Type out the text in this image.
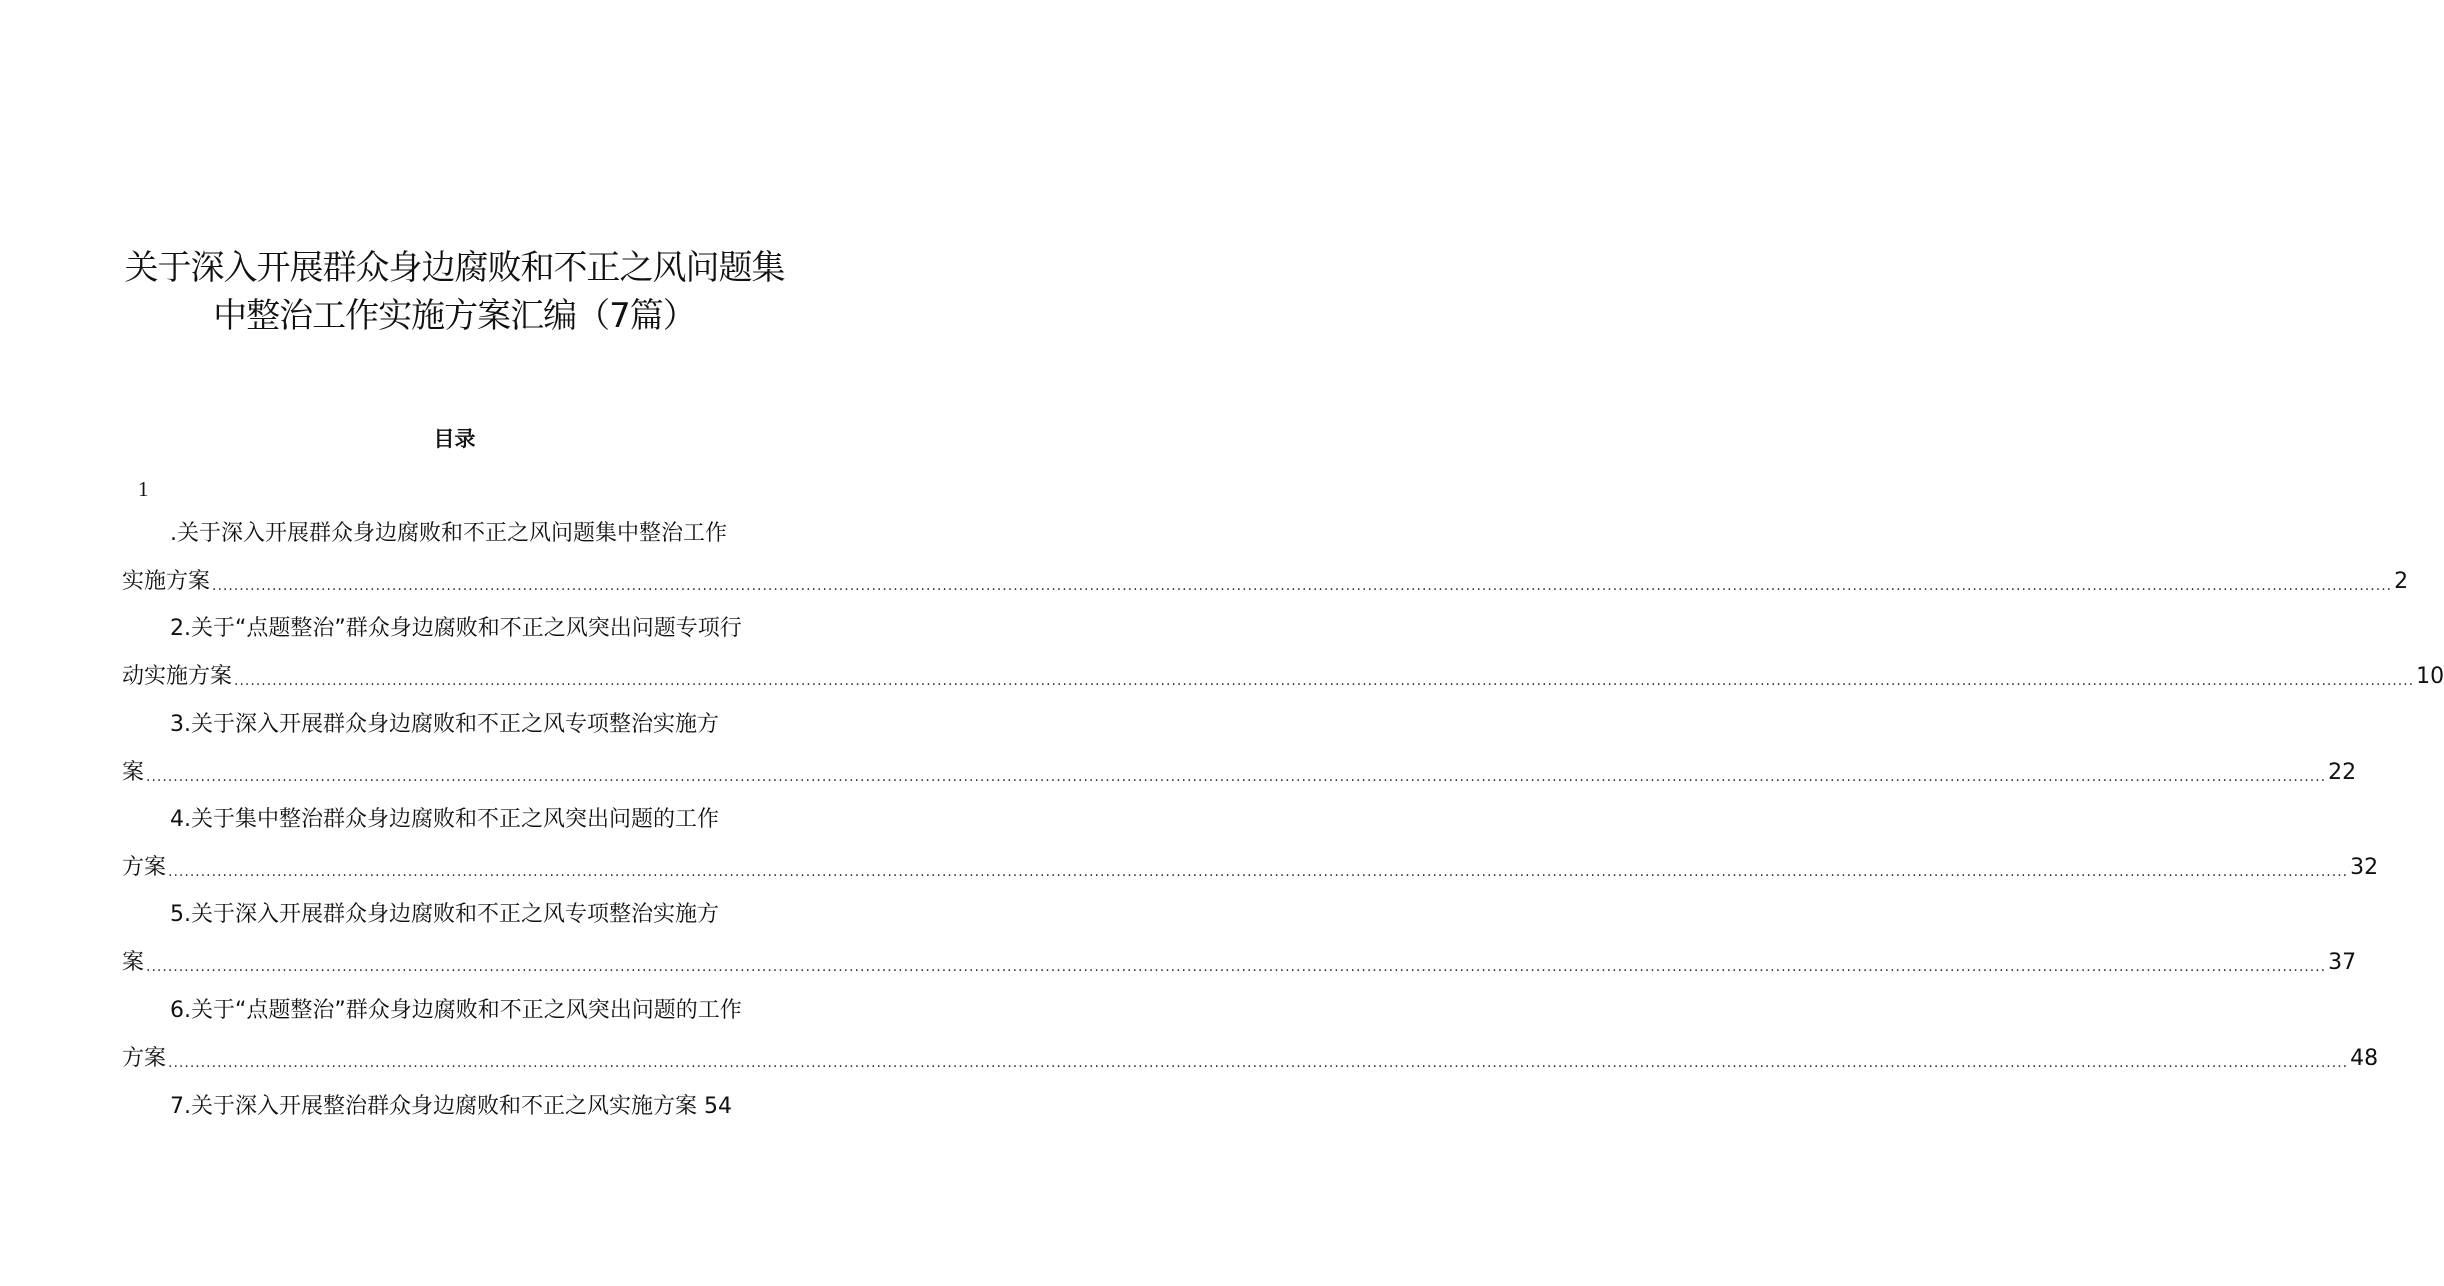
关于深入开展群众身边腐败和不正之风问题集
中整治工作实施方案汇编（7篇）
目录
1
.关于深入开展群众身边腐败和不正之风问题集中整治工作
实施方案 ................................................................................................................................................................................................................................................................................................................................................................................................................ 2
2.关于“点题整治”群众身边腐败和不正之风突出问题专项行
动实施方案 ................................................................................................................................................................................................................................................................................................................................................................................................................ 10
3.关于深入开展群众身边腐败和不正之风专项整治实施方
案 ................................................................................................................................................................................................................................................................................................................................................................................................................ 22
4.关于集中整治群众身边腐败和不正之风突出问题的工作
方案 ................................................................................................................................................................................................................................................................................................................................................................................................................ 32
5.关于深入开展群众身边腐败和不正之风专项整治实施方
案 ................................................................................................................................................................................................................................................................................................................................................................................................................ 37
6.关于“点题整治”群众身边腐败和不正之风突出问题的工作
方案 ................................................................................................................................................................................................................................................................................................................................................................................................................ 48
7.关于深入开展整治群众身边腐败和不正之风实施方案 54
